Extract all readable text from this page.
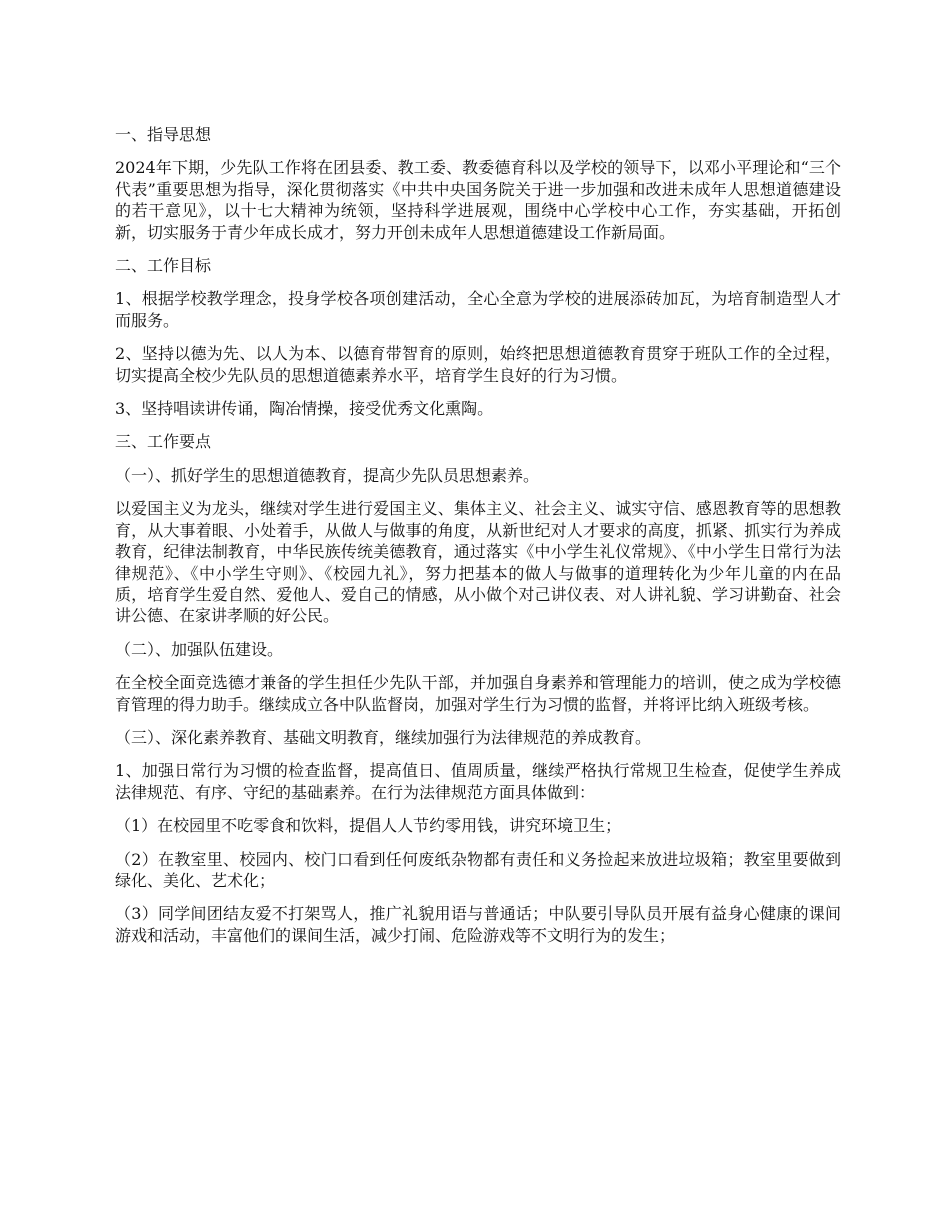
一、指导思想

2024年下期，少先队工作将在团县委、教工委、教委德育科以及学校的领导下，以邓小平理论和“三个代表”重要思想为指导，深化贯彻落实《中共中央国务院关于进一步加强和改进未成年人思想道德建设的若干意见》，以十七大精神为统领，坚持科学进展观，围绕中心学校中心工作，夯实基础，开拓创新，切实服务于青少年成长成才，努力开创未成年人思想道德建设工作新局面。

二、工作目标

1、根据学校教学理念，投身学校各项创建活动，全心全意为学校的进展添砖加瓦，为培育制造型人才而服务。

2、坚持以德为先、以人为本、以德育带智育的原则，始终把思想道德教育贯穿于班队工作的全过程，切实提高全校少先队员的思想道德素养水平，培育学生良好的行为习惯。

3、坚持唱读讲传诵，陶冶情操，接受优秀文化熏陶。

三、工作要点

（一）、抓好学生的思想道德教育，提高少先队员思想素养。

以爱国主义为龙头，继续对学生进行爱国主义、集体主义、社会主义、诚实守信、感恩教育等的思想教育，从大事着眼、小处着手，从做人与做事的角度，从新世纪对人才要求的高度，抓紧、抓实行为养成教育，纪律法制教育，中华民族传统美德教育，通过落实《中小学生礼仪常规》、《中小学生日常行为法律规范》、《中小学生守则》、《校园九礼》，努力把基本的做人与做事的道理转化为少年儿童的内在品质，培育学生爱自然、爱他人、爱自己的情感，从小做个对己讲仪表、对人讲礼貌、学习讲勤奋、社会讲公德、在家讲孝顺的好公民。

（二）、加强队伍建设。

在全校全面竞选德才兼备的学生担任少先队干部，并加强自身素养和管理能力的培训，使之成为学校德育管理的得力助手。继续成立各中队监督岗，加强对学生行为习惯的监督，并将评比纳入班级考核。

（三）、深化素养教育、基础文明教育，继续加强行为法律规范的养成教育。

1、加强日常行为习惯的检查监督，提高值日、值周质量，继续严格执行常规卫生检查，促使学生养成法律规范、有序、守纪的基础素养。在行为法律规范方面具体做到：

（1）在校园里不吃零食和饮料，提倡人人节约零用钱，讲究环境卫生；

（2）在教室里、校园内、校门口看到任何废纸杂物都有责任和义务捡起来放进垃圾箱；教室里要做到绿化、美化、艺术化；

（3）同学间团结友爱不打架骂人，推广礼貌用语与普通话；中队要引导队员开展有益身心健康的课间游戏和活动，丰富他们的课间生活，减少打闹、危险游戏等不文明行为的发生；
